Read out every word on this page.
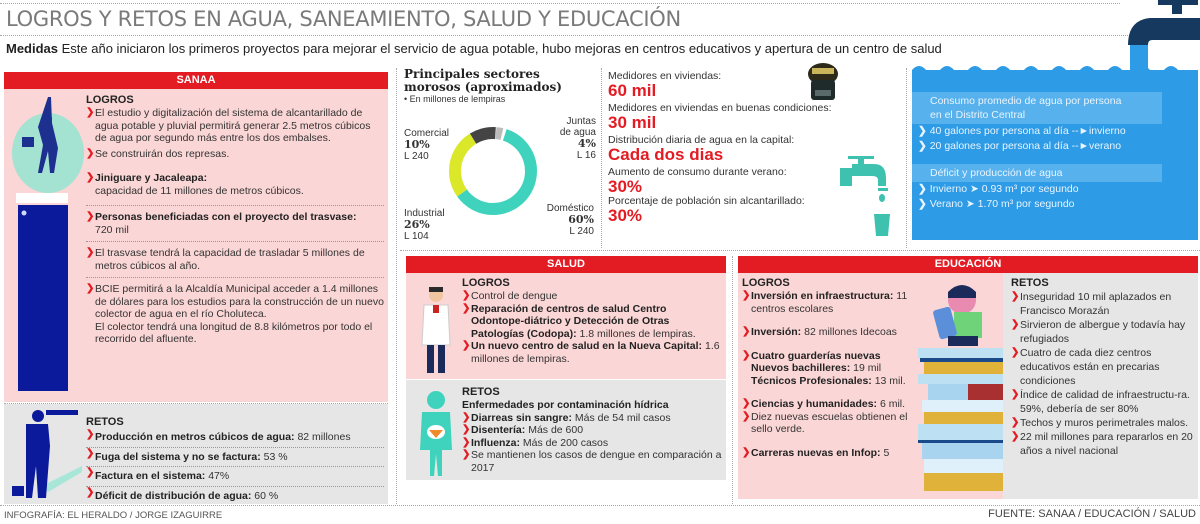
LOGROS Y RETOS EN AGUA, SANEAMIENTO, SALUD Y EDUCACIÓN
Medidas Este año iniciaron los primeros proyectos para mejorar el servicio de agua potable, hubo mejoras en centros educativos y apertura de un centro de salud
SANAA
LOGROS
❯ El estudio y digitalización del sistema de alcantarillado de agua potable y pluvial permitirá generar 2.5 metros cúbicos de agua por segundo más entre los dos embalses.
❯ Se construirán dos represas.
❯ Jiniguare y Jacaleapa:
capacidad de 11 millones de metros cúbicos.
❯ Personas beneficiadas con el proyecto del trasvase:
720 mil
❯ El trasvase tendrá la capacidad de trasladar 5 millones de metros cúbicos al año.
❯ BCIE permitirá a la Alcaldía Municipal acceder a 1.4 millones de dólares para los estudios para la construcción de un nuevo colector de agua en el río Choluteca.
El colector tendrá una longitud de 8.8 kilómetros por todo el recorrido del afluente.
RETOS
❯ Producción en metros cúbicos de agua: 82 millones
❯ Fuga del sistema y no se factura: 53 %
❯ Factura en el sistema: 47%
❯ Déficit de distribución de agua: 60 %
Principales sectores
morosos (aproximados)
• En millones de lempiras
Comercial
10%
L 240
Juntas de agua
4%
L 16
Industrial
26%
L 104
Doméstico
60%
L 240
Medidores en viviendas:
60 mil
Medidores en viviendas en buenas condiciones:
30 mil
Distribución diaria de agua en la capital:
Cada dos dias
Aumento de consumo durante verano:
30%
Porcentaje de población sin alcantarillado:
30%
Consumo promedio de agua por persona
en el Distrito Central
❯ 40 galones por persona al día --►invierno
❯ 20 galones por persona al día --►verano
Déficit y producción de agua
❯ Invierno ➤ 0.93 m³ por segundo
❯ Verano ➤ 1.70 m³ por segundo
SALUD
LOGROS
❯ Control de dengue
❯ Reparación de centros de salud Centro Odontope-diátrico y Detección de Otras Patologías (Codopa): 1.8 millones de lempiras.
❯ Un nuevo centro de salud en la Nueva Capital: 1.6 millones de lempiras.
RETOS
Enfermedades por contaminación hídrica
❯ Diarreas sin sangre: Más de 54 mil casos
❯ Disentería: Más de 600
❯ Influenza: Más de 200 casos
❯ Se mantienen los casos de dengue en comparación a 2017
EDUCACIÓN
LOGROS
❯ Inversión en infraestructura: 11 centros escolares
❯ Inversión: 82 millones Idecoas
❯ Cuatro guarderías nuevas Nuevos bachilleres: 19 mil
Técnicos Profesionales: 13 mil.
❯ Ciencias y humanidades: 6 mil.
❯ Diez nuevas escuelas obtienen el sello verde.
❯ Carreras nuevas en Infop: 5
RETOS
❯ Inseguridad 10 mil aplazados en Francisco Morazán
❯ Sirvieron de albergue y todavía hay refugiados
❯ Cuatro de cada diez centros educativos están en precarias condiciones
❯ Índice de calidad de infraestructu-ra. 59%, debería de ser 80%
❯ Techos y muros perimetrales malos.
❯ 22 mil millones para repararlos en 20 años a nivel nacional
INFOGRAFÍA: EL HERALDO / JORGE IZAGUIRRE	FUENTE: SANAA / EDUCACIÓN / SALUD
